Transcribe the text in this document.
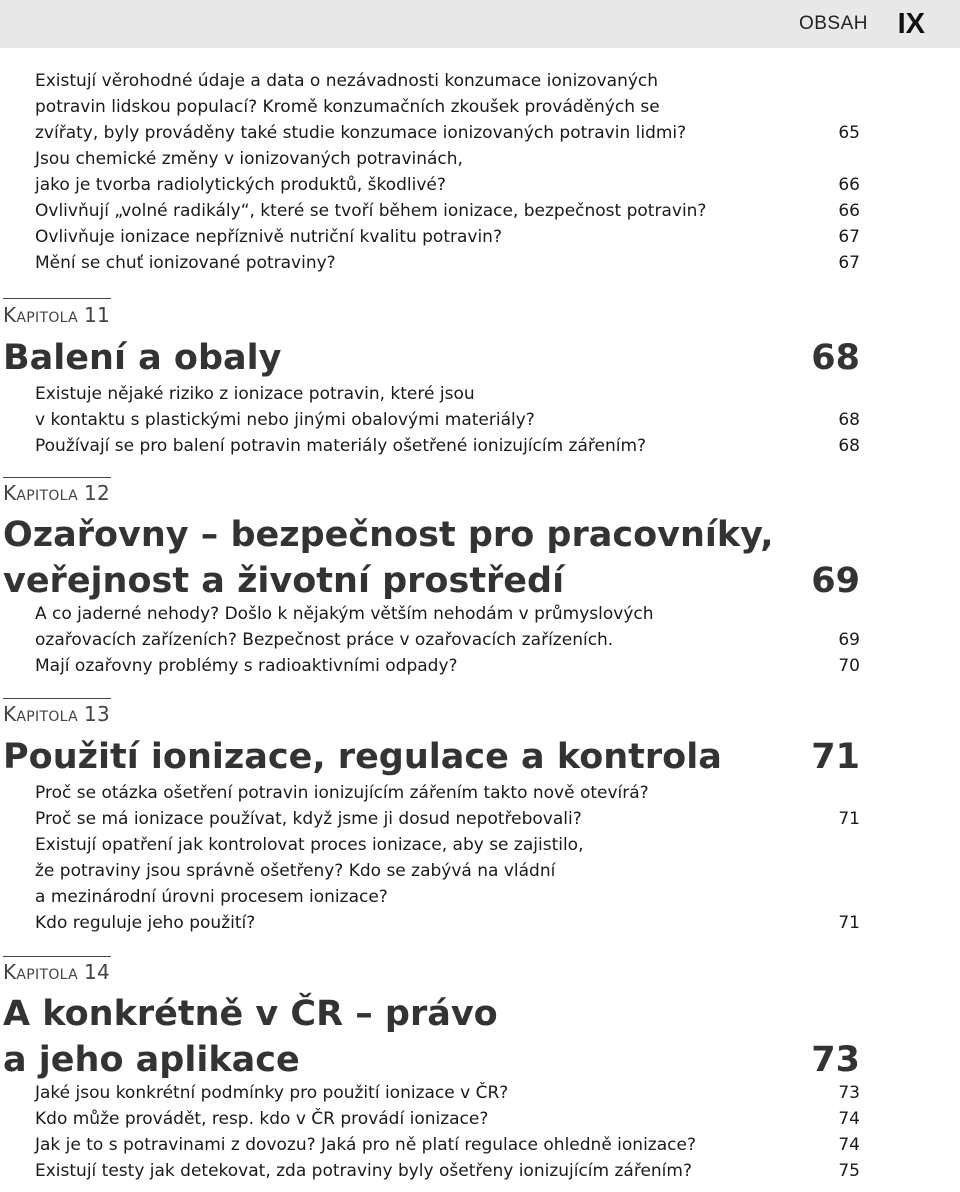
OBSAH IX
Existují věrohodné údaje a data o nezávadnosti konzumace ionizovaných
potravin lidskou populací? Kromě konzumačních zkoušek prováděných se
zvířaty, byly prováděny také studie konzumace ionizovaných potravin lidmi?	65
Jsou chemické změny v ionizovaných potravinách,
jako je tvorba radiolytických produktů, škodlivé?	66
Ovlivňují „volné radikály“, které se tvoří během ionizace, bezpečnost potravin?	66
Ovlivňuje ionizace nepříznivě nutriční kvalitu potravin?	67
Mění se chuť ionizované potraviny?	67
KAPITOLA 11
Balení a obaly	68
Existuje nějaké riziko z ionizace potravin, které jsou
v kontaktu s plastickými nebo jinými obalovými materiály?	68
Používají se pro balení potravin materiály ošetřené ionizujícím zářením?	68
KAPITOLA 12
Ozařovny – bezpečnost pro pracovníky,
veřejnost a životní prostředí	69
A co jaderné nehody? Došlo k nějakým větším nehodám v průmyslových
ozařovacích zařízeních? Bezpečnost práce v ozařovacích zařízeních.	69
Mají ozařovny problémy s radioaktivními odpady?	70
KAPITOLA 13
Použití ionizace, regulace a kontrola	71
Proč se otázka ošetření potravin ionizujícím zářením takto nově otevírá?
Proč se má ionizace používat, když jsme ji dosud nepotřebovali?	71
Existují opatření jak kontrolovat proces ionizace, aby se zajistilo,
že potraviny jsou správně ošetřeny? Kdo se zabývá na vládní
a mezinárodní úrovni procesem ionizace?
Kdo reguluje jeho použití?	71
KAPITOLA 14
A konkrétně v ČR – právo
a jeho aplikace	73
Jaké jsou konkrétní podmínky pro použití ionizace v ČR?	73
Kdo může provádět, resp. kdo v ČR provádí ionizace?	74
Jak je to s potravinami z dovozu? Jaká pro ně platí regulace ohledně ionizace?	74
Existují testy jak detekovat, zda potraviny byly ošetřeny ionizujícím zářením?	75
